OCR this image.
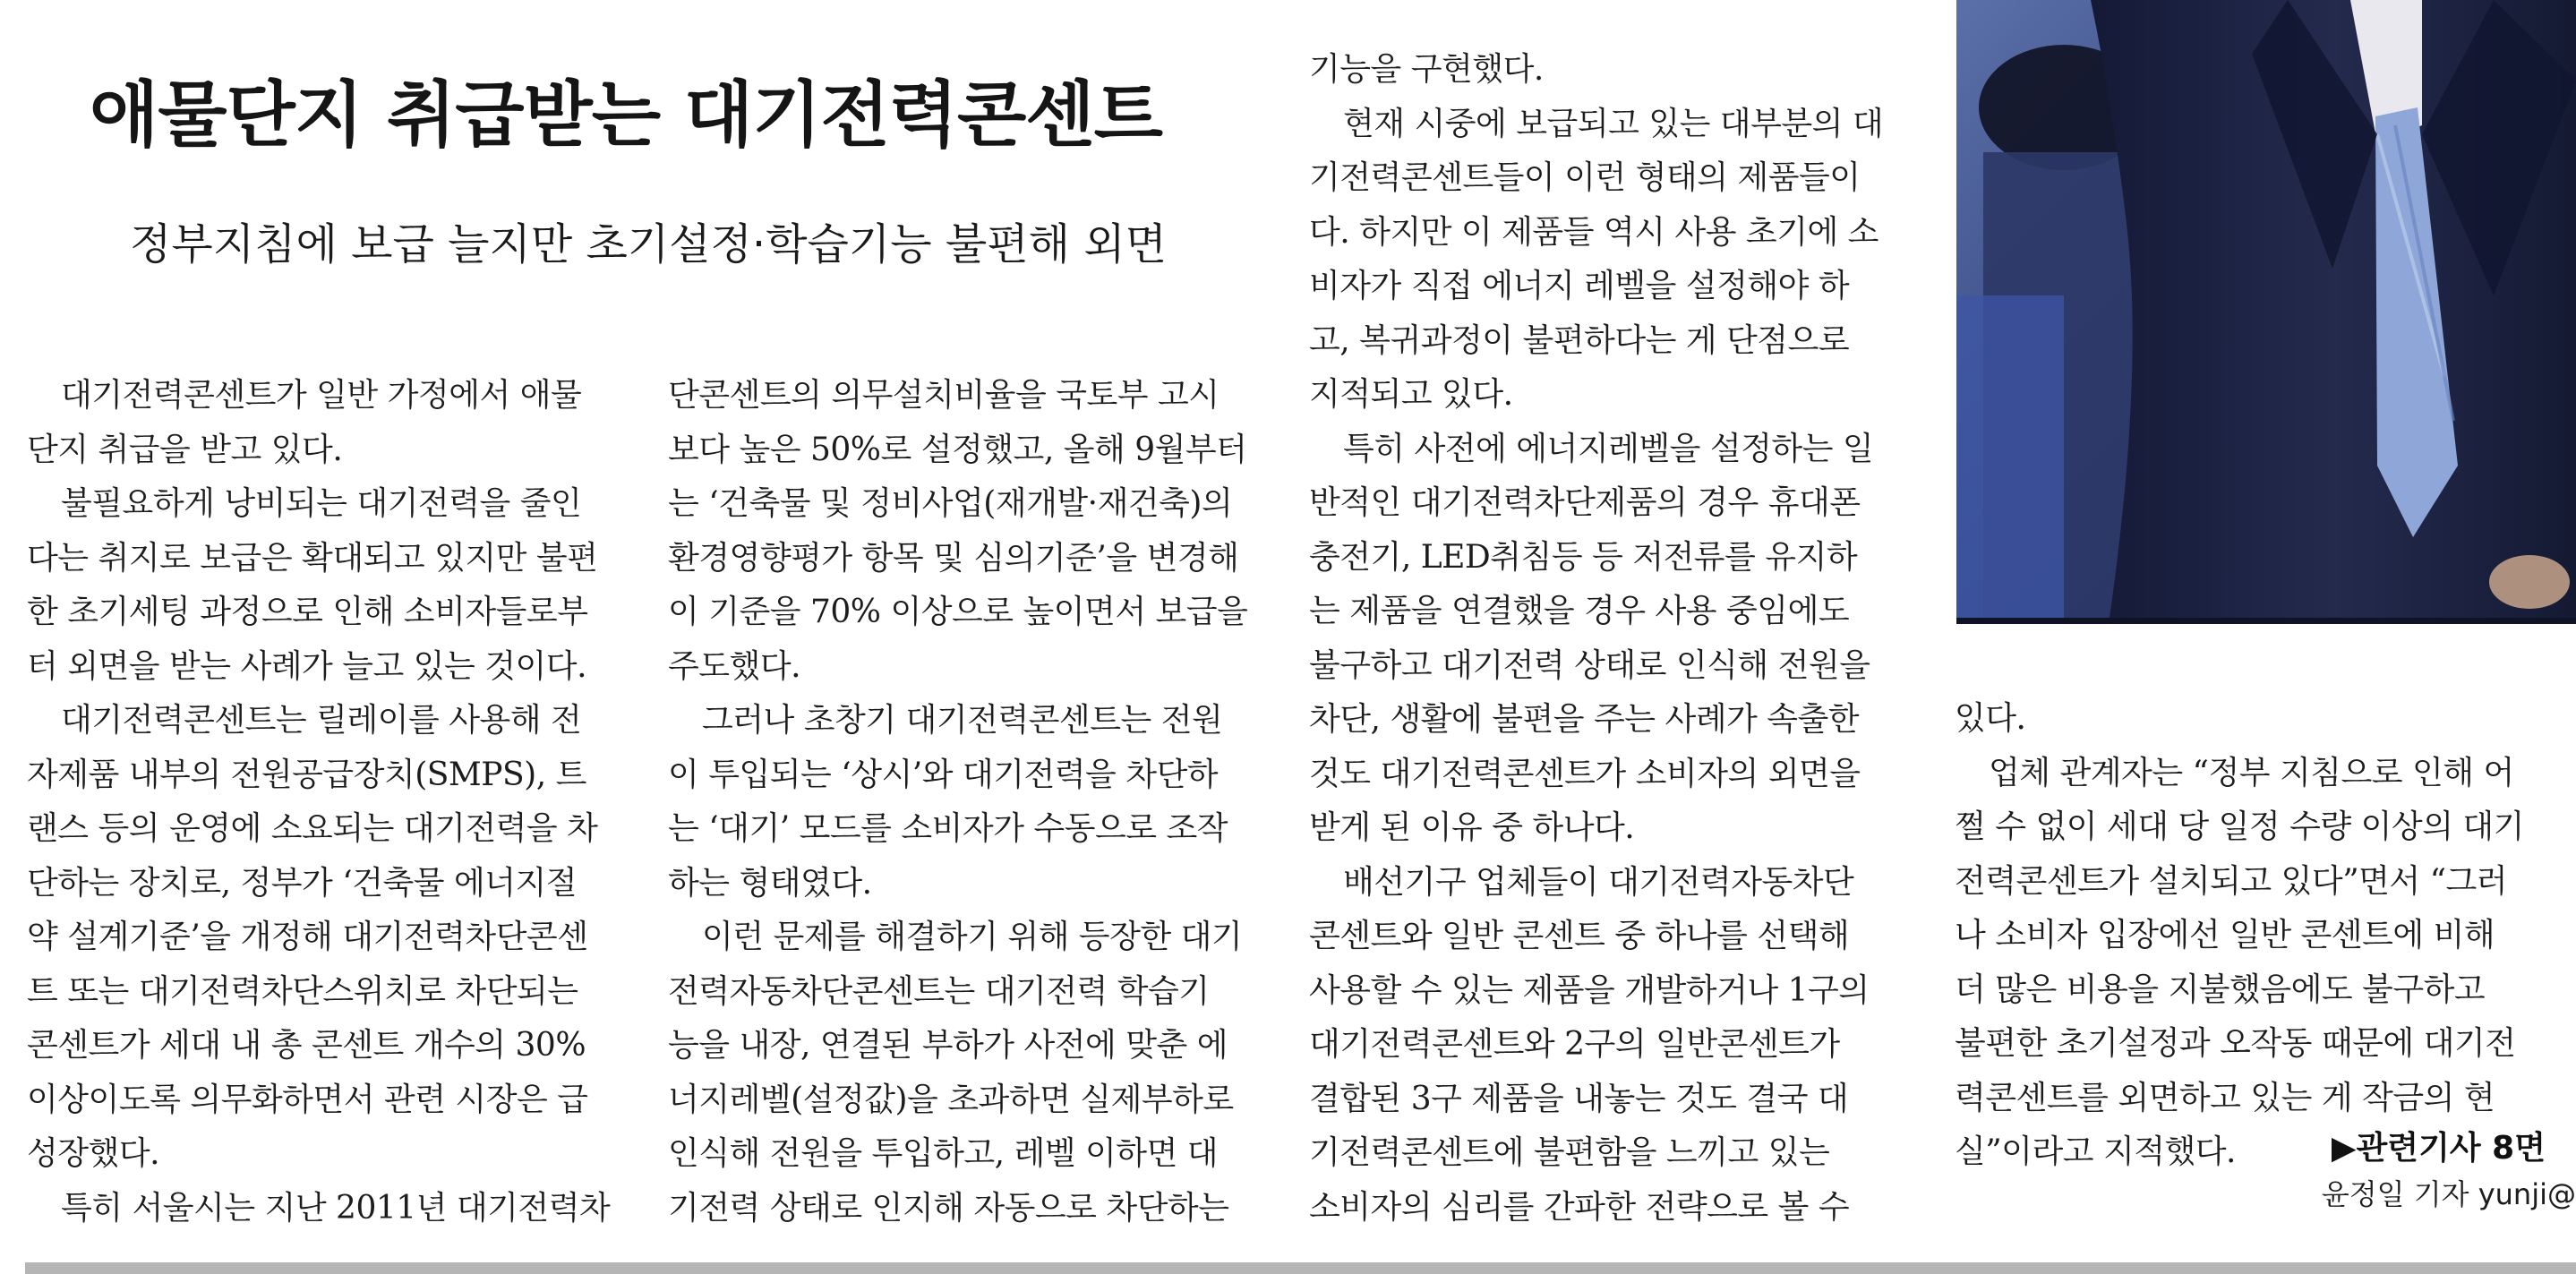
애물단지 취급받는 대기전력콘센트
정부지침에 보급 늘지만 초기설정·학습기능 불편해 외면
대기전력콘센트가 일반 가정에서 애물
단지 취급을 받고 있다.
불필요하게 낭비되는 대기전력을 줄인
다는 취지로 보급은 확대되고 있지만 불편
한 초기세팅 과정으로 인해 소비자들로부
터 외면을 받는 사례가 늘고 있는 것이다.
대기전력콘센트는 릴레이를 사용해 전
자제품 내부의 전원공급장치(SMPS), 트
랜스 등의 운영에 소요되는 대기전력을 차
단하는 장치로, 정부가 ‘건축물 에너지절
약 설계기준’을 개정해 대기전력차단콘센
트 또는 대기전력차단스위치로 차단되는
콘센트가 세대 내 총 콘센트 개수의 30%
이상이도록 의무화하면서 관련 시장은 급
성장했다.
특히 서울시는 지난 2011년 대기전력차
단콘센트의 의무설치비율을 국토부 고시
보다 높은 50%로 설정했고, 올해 9월부터
는 ‘건축물 및 정비사업(재개발·재건축)의
환경영향평가 항목 및 심의기준’을 변경해
이 기준을 70% 이상으로 높이면서 보급을
주도했다.
그러나 초창기 대기전력콘센트는 전원
이 투입되는 ‘상시’와 대기전력을 차단하
는 ‘대기’ 모드를 소비자가 수동으로 조작
하는 형태였다.
이런 문제를 해결하기 위해 등장한 대기
전력자동차단콘센트는 대기전력 학습기
능을 내장, 연결된 부하가 사전에 맞춘 에
너지레벨(설정값)을 초과하면 실제부하로
인식해 전원을 투입하고, 레벨 이하면 대
기전력 상태로 인지해 자동으로 차단하는
기능을 구현했다.
현재 시중에 보급되고 있는 대부분의 대
기전력콘센트들이 이런 형태의 제품들이
다. 하지만 이 제품들 역시 사용 초기에 소
비자가 직접 에너지 레벨을 설정해야 하
고, 복귀과정이 불편하다는 게 단점으로
지적되고 있다.
특히 사전에 에너지레벨을 설정하는 일
반적인 대기전력차단제품의 경우 휴대폰
충전기, LED취침등 등 저전류를 유지하
는 제품을 연결했을 경우 사용 중임에도
불구하고 대기전력 상태로 인식해 전원을
차단, 생활에 불편을 주는 사례가 속출한
것도 대기전력콘센트가 소비자의 외면을
받게 된 이유 중 하나다.
배선기구 업체들이 대기전력자동차단
콘센트와 일반 콘센트 중 하나를 선택해
사용할 수 있는 제품을 개발하거나 1구의
대기전력콘센트와 2구의 일반콘센트가
결합된 3구 제품을 내놓는 것도 결국 대
기전력콘센트에 불편함을 느끼고 있는
소비자의 심리를 간파한 전략으로 볼 수
있다.
업체 관계자는 “정부 지침으로 인해 어
쩔 수 없이 세대 당 일정 수량 이상의 대기
전력콘센트가 설치되고 있다”면서 “그러
나 소비자 입장에선 일반 콘센트에 비해
더 많은 비용을 지불했음에도 불구하고
불편한 초기설정과 오작동 때문에 대기전
력콘센트를 외면하고 있는 게 작금의 현
실”이라고 지적했다.	▶관련기사 8면
윤정일 기자 yunji@
